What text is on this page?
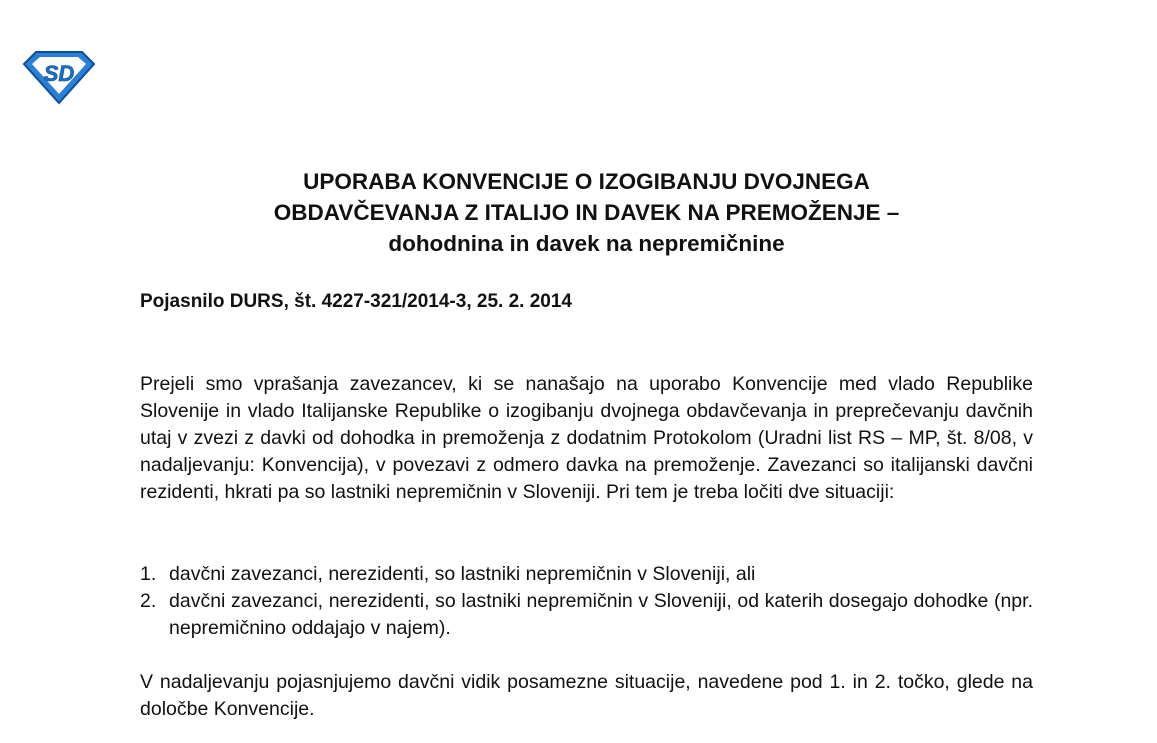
SD
UPORABA KONVENCIJE O IZOGIBANJU DVOJNEGA
OBDAVČEVANJA Z ITALIJO IN DAVEK NA PREMOŽENJE –
dohodnina in davek na nepremičnine

Pojasnilo DURS, št. 4227-321/2014-3, 25. 2. 2014

Prejeli smo vprašanja zavezancev, ki se nanašajo na uporabo Konvencije med vlado Republike Slovenije in vlado Italijanske Republike o izogibanju dvojnega obdavčevanja in preprečevanju davčnih utaj v zvezi z davki od dohodka in premoženja z dodatnim Protokolom (Uradni list RS – MP, št. 8/08, v nadaljevanju: Konvencija), v povezavi z odmero davka na premoženje. Zavezanci so italijanski davčni rezidenti, hkrati pa so lastniki nepremičnin v Sloveniji. Pri tem je treba ločiti dve situaciji:

1. davčni zavezanci, nerezidenti, so lastniki nepremičnin v Sloveniji, ali
2. davčni zavezanci, nerezidenti, so lastniki nepremičnin v Sloveniji, od katerih dosegajo dohodke (npr. nepremičnino oddajajo v najem).

V nadaljevanju pojasnjujemo davčni vidik posamezne situacije, navedene pod 1. in 2. točko, glede na določbe Konvencije.
